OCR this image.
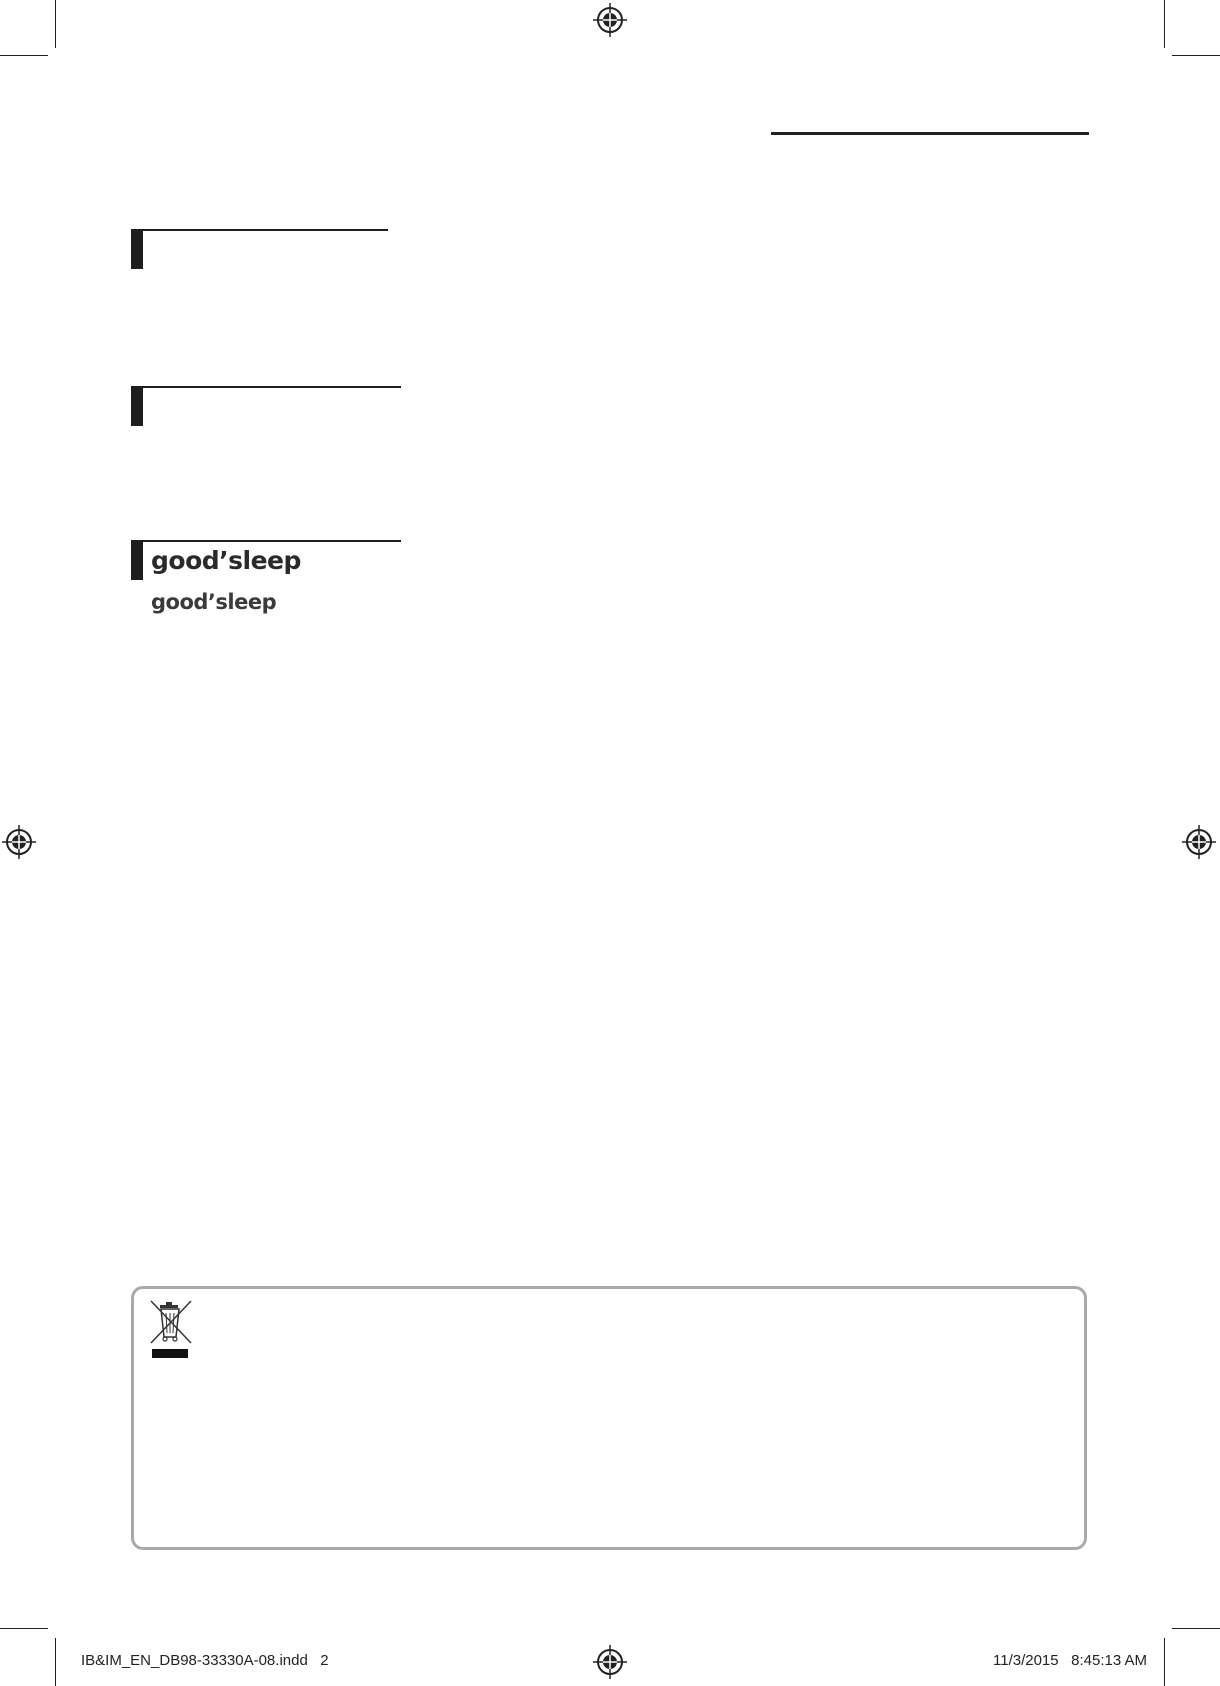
good’sleep
good’sleep
IB&IM_EN_DB98-33330A-08.indd   2	11/3/2015   8:45:13 AM
